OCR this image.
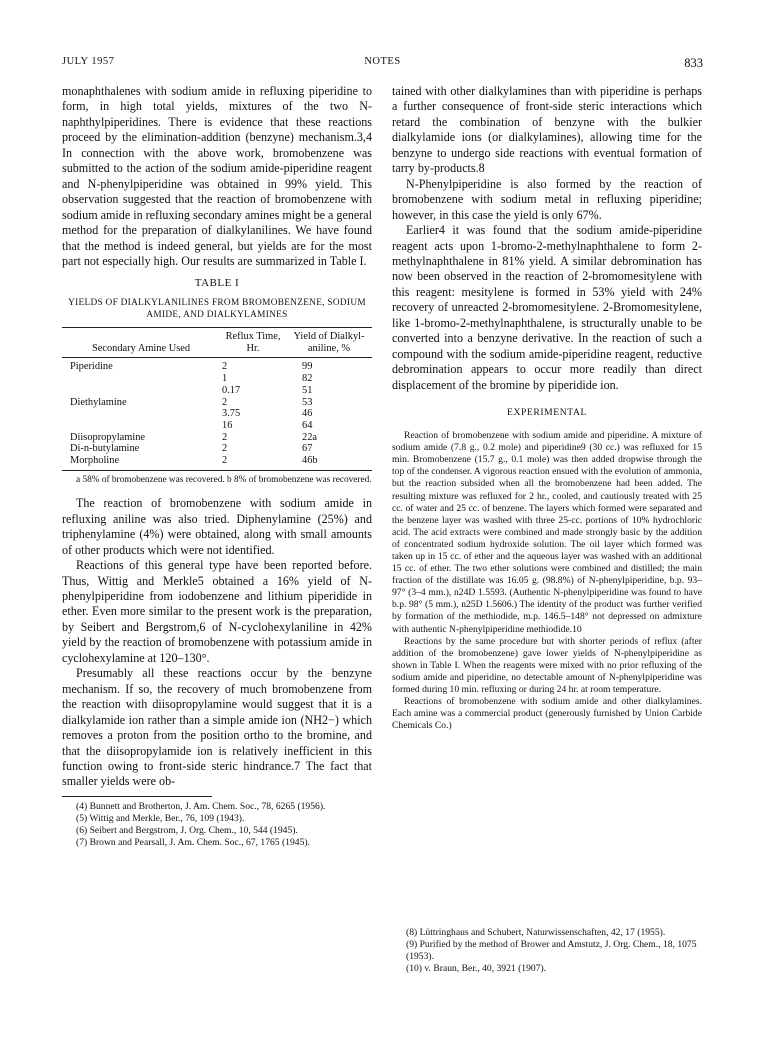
JULY 1957	NOTES	833

monaphthalenes with sodium amide in refluxing piperidine to form, in high total yields, mixtures of the two N-naphthylpiperidines. There is evidence that these reactions proceed by the elimination-addition (benzyne) mechanism.3,4 In connection with the above work, bromobenzene was submitted to the action of the sodium amide-piperidine reagent and N-phenylpiperidine was obtained in 99% yield. This observation suggested that the reaction of bromobenzene with sodium amide in refluxing secondary amines might be a general method for the preparation of dialkylanilines. We have found that the method is indeed general, but yields are for the most part not especially high. Our results are summarized in Table I.

TABLE I
YIELDS OF DIALKYLANILINES FROM BROMOBENZENE, SODIUM AMIDE, AND DIALKYLAMINES
Secondary Amine Used	Reflux Time, Hr.	Yield of Dialkyl-aniline, %
Piperidine	2	99
	1	82
	0.17	51
Diethylamine	2	53
	3.75	46
	16	64
Diisopropylamine	2	22a
Di-n-butylamine	2	67
Morpholine	2	46b
a 58% of bromobenzene was recovered. b 8% of bromobenzene was recovered.

The reaction of bromobenzene with sodium amide in refluxing aniline was also tried. Diphenylamine (25%) and triphenylamine (4%) were obtained, along with small amounts of other products which were not identified.

Reactions of this general type have been reported before. Thus, Wittig and Merkle5 obtained a 16% yield of N-phenylpiperidine from iodobenzene and lithium piperidide in ether. Even more similar to the present work is the preparation, by Seibert and Bergstrom,6 of N-cyclohexylaniline in 42% yield by the reaction of bromobenzene with potassium amide in cyclohexylamine at 120–130°.

Presumably all these reactions occur by the benzyne mechanism. If so, the recovery of much bromobenzene from the reaction with diisopropylamine would suggest that it is a dialkylamide ion rather than a simple amide ion (NH2−) which removes a proton from the position ortho to the bromine, and that the diisopropylamide ion is relatively inefficient in this function owing to front-side steric hindrance.7 The fact that smaller yields were ob-

(4) Bunnett and Brotherton, J. Am. Chem. Soc., 78, 6265 (1956).

(5) Wittig and Merkle, Ber., 76, 109 (1943).

(6) Seibert and Bergstrom, J. Org. Chem., 10, 544 (1945).

(7) Brown and Pearsall, J. Am. Chem. Soc., 67, 1765 (1945).

tained with other dialkylamines than with piperidine is perhaps a further consequence of front-side steric interactions which retard the combination of benzyne with the bulkier dialkylamide ions (or dialkylamines), allowing time for the benzyne to undergo side reactions with eventual formation of tarry by-products.8

N-Phenylpiperidine is also formed by the reaction of bromobenzene with sodium metal in refluxing piperidine; however, in this case the yield is only 67%.

Earlier4 it was found that the sodium amide-piperidine reagent acts upon 1-bromo-2-methylnaphthalene to form 2-methylnaphthalene in 81% yield. A similar debromination has now been observed in the reaction of 2-bromomesitylene with this reagent: mesitylene is formed in 53% yield with 24% recovery of unreacted 2-bromomesitylene. 2-Bromomesitylene, like 1-bromo-2-methylnaphthalene, is structurally unable to be converted into a benzyne derivative. In the reaction of such a compound with the sodium amide-piperidine reagent, reductive debromination appears to occur more readily than direct displacement of the bromine by piperidide ion.

EXPERIMENTAL

Reaction of bromobenzene with sodium amide and piperidine. A mixture of sodium amide (7.8 g., 0.2 mole) and piperidine9 (30 cc.) was refluxed for 15 min. Bromobenzene (15.7 g., 0.1 mole) was then added dropwise through the top of the condenser. A vigorous reaction ensued with the evolution of ammonia, but the reaction subsided when all the bromobenzene had been added. The resulting mixture was refluxed for 2 hr., cooled, and cautiously treated with 25 cc. of water and 25 cc. of benzene. The layers which formed were separated and the benzene layer was washed with three 25-cc. portions of 10% hydrochloric acid. The acid extracts were combined and made strongly basic by the addition of concentrated sodium hydroxide solution. The oil layer which formed was taken up in 15 cc. of ether and the aqueous layer was washed with an additional 15 cc. of ether. The two ether solutions were combined and distilled; the main fraction of the distillate was 16.05 g. (98.8%) of N-phenylpiperidine, b.p. 93–97° (3–4 mm.), n24D 1.5593. (Authentic N-phenylpiperidine was found to have b.p. 98° (5 mm.), n25D 1.5606.) The identity of the product was further verified by formation of the methiodide, m.p. 146.5–148° not depressed on admixture with authentic N-phenylpiperidine methiodide.10

Reactions by the same procedure but with shorter periods of reflux (after addition of the bromobenzene) gave lower yields of N-phenylpiperidine as shown in Table I. When the reagents were mixed with no prior refluxing of the sodium amide and piperidine, no detectable amount of N-phenylpiperidine was formed during 10 min. refluxing or during 24 hr. at room temperature.

Reactions of bromobenzene with sodium amide and other dialkylamines. Each amine was a commercial product (generously furnished by Union Carbide Chemicals Co.)

(8) Lüttringhaus and Schubert, Naturwissenschaften, 42, 17 (1955).

(9) Purified by the method of Brower and Amstutz, J. Org. Chem., 18, 1075 (1953).

(10) v. Braun, Ber., 40, 3921 (1907).
